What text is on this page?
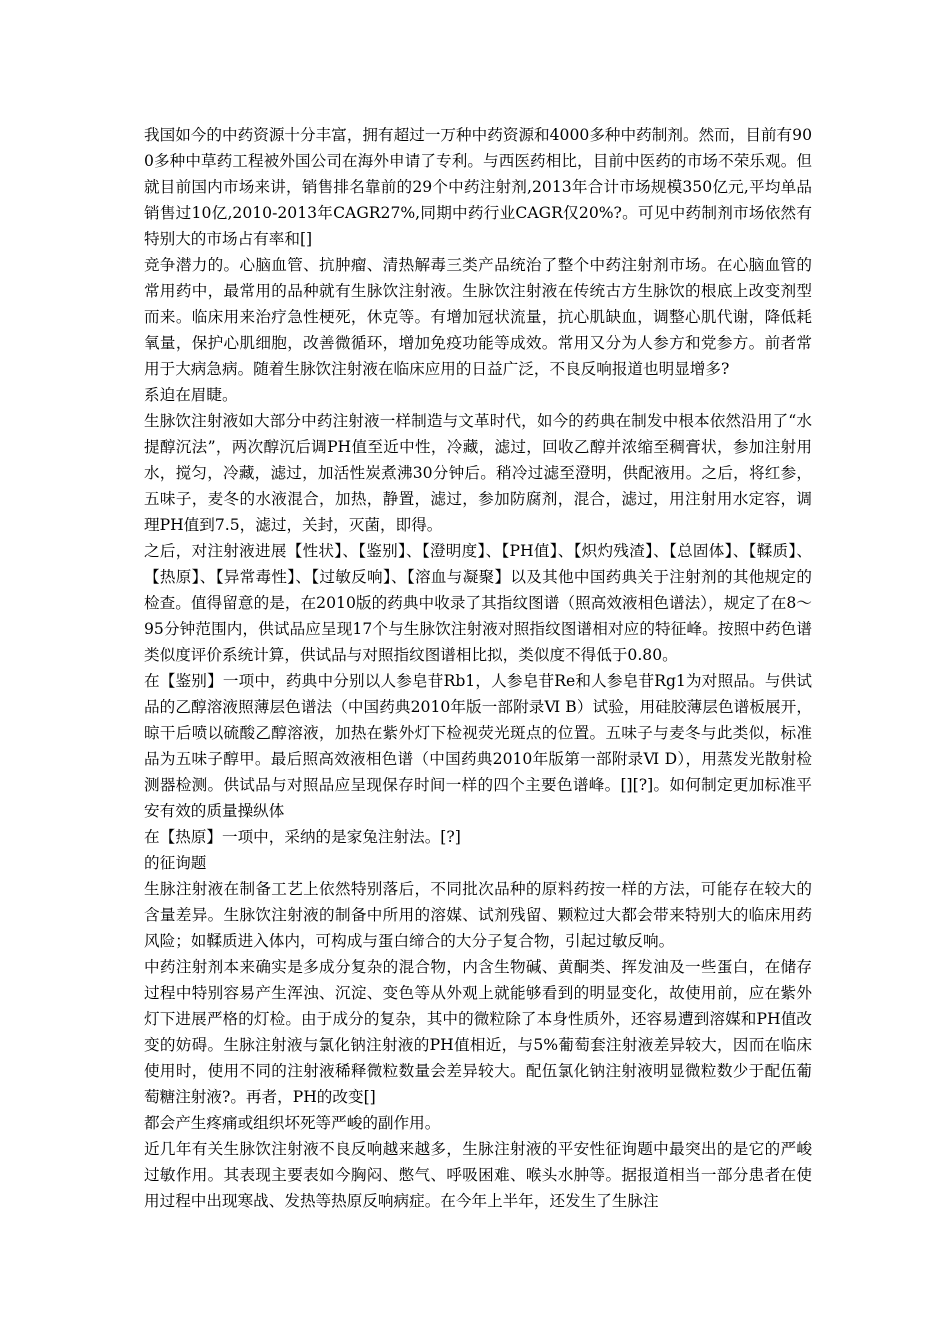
我国如今的中药资源十分丰富，拥有超过一万种中药资源和4000多种中药制剂。然而，目前有900多种中草药工程被外国公司在海外申请了专利。与西医药相比，目前中医药的市场不荣乐观。但就目前国内市场来讲，销售排名靠前的29个中药注射剂,2013年合计市场规模350亿元,平均单品销售过10亿,2010-2013年CAGR27%,同期中药行业CAGR仅20%?。可见中药制剂市场依然有特别大的市场占有率和[]

竞争潜力的。心脑血管、抗肿瘤、清热解毒三类产品统治了整个中药注射剂市场。在心脑血管的常用药中，最常用的品种就有生脉饮注射液。生脉饮注射液在传统古方生脉饮的根底上改变剂型而来。临床用来治疗急性梗死，休克等。有增加冠状流量，抗心肌缺血，调整心肌代谢，降低耗氧量，保护心肌细胞，改善微循环，增加免疫功能等成效。常用又分为人参方和党参方。前者常用于大病急病。随着生脉饮注射液在临床应用的日益广泛，不良反响报道也明显增多?

系迫在眉睫。

生脉饮注射液如大部分中药注射液一样制造与文革时代，如今的药典在制发中根本依然沿用了“水提醇沉法”，两次醇沉后调PH值至近中性，冷藏，滤过，回收乙醇并浓缩至稠膏状，参加注射用水，搅匀，冷藏，滤过，加活性炭煮沸30分钟后。稍冷过滤至澄明，供配液用。之后，将红参，五味子，麦冬的水液混合，加热，静置，滤过，参加防腐剂，混合，滤过，用注射用水定容，调理PH值到7.5，滤过，关封，灭菌，即得。

之后，对注射液进展【性状】、【鉴别】、【澄明度】、【PH值】、【炽灼残渣】、【总固体】、【鞣质】、【热原】、【异常毒性】、【过敏反响】、【溶血与凝聚】以及其他中国药典关于注射剂的其他规定的检查。值得留意的是，在2010版的药典中收录了其指纹图谱（照高效液相色谱法），规定了在8～95分钟范围内，供试品应呈现17个与生脉饮注射液对照指纹图谱相对应的特征峰。按照中药色谱类似度评价系统计算，供试品与对照指纹图谱相比拟，类似度不得低于0.80。

在【鉴别】一项中，药典中分别以人参皂苷Rb1，人参皂苷Re和人参皂苷Rg1为对照品。与供试品的乙醇溶液照薄层色谱法（中国药典2010年版一部附录Ⅵ B）试验，用硅胶薄层色谱板展开，晾干后喷以硫酸乙醇溶液，加热在紫外灯下检视荧光斑点的位置。五味子与麦冬与此类似，标准品为五味子醇甲。最后照高效液相色谱（中国药典2010年版第一部附录Ⅵ D），用蒸发光散射检测器检测。供试品与对照品应呈现保存时间一样的四个主要色谱峰。[][?]。如何制定更加标准平安有效的质量操纵体

在【热原】一项中，采纳的是家兔注射法。[?]

的征询题

生脉注射液在制备工艺上依然特别落后，不同批次品种的原料药按一样的方法，可能存在较大的含量差异。生脉饮注射液的制备中所用的溶媒、试剂残留、颗粒过大都会带来特别大的临床用药风险；如鞣质进入体内，可构成与蛋白缔合的大分子复合物，引起过敏反响。

中药注射剂本来确实是多成分复杂的混合物，内含生物碱、黄酮类、挥发油及一些蛋白，在储存过程中特别容易产生浑浊、沉淀、变色等从外观上就能够看到的明显变化，故使用前，应在紫外灯下进展严格的灯检。由于成分的复杂，其中的微粒除了本身性质外，还容易遭到溶媒和PH值改变的妨碍。生脉注射液与氯化钠注射液的PH值相近，与5%葡萄套注射液差异较大，因而在临床使用时，使用不同的注射液稀释微粒数量会差异较大。配伍氯化钠注射液明显微粒数少于配伍葡萄糖注射液?。再者，PH的改变[]

都会产生疼痛或组织坏死等严峻的副作用。

近几年有关生脉饮注射液不良反响越来越多，生脉注射液的平安性征询题中最突出的是它的严峻过敏作用。其表现主要表如今胸闷、憋气、呼吸困难、喉头水肿等。据报道相当一部分患者在使用过程中出现寒战、发热等热原反响病症。在今年上半年，还发生了生脉注
